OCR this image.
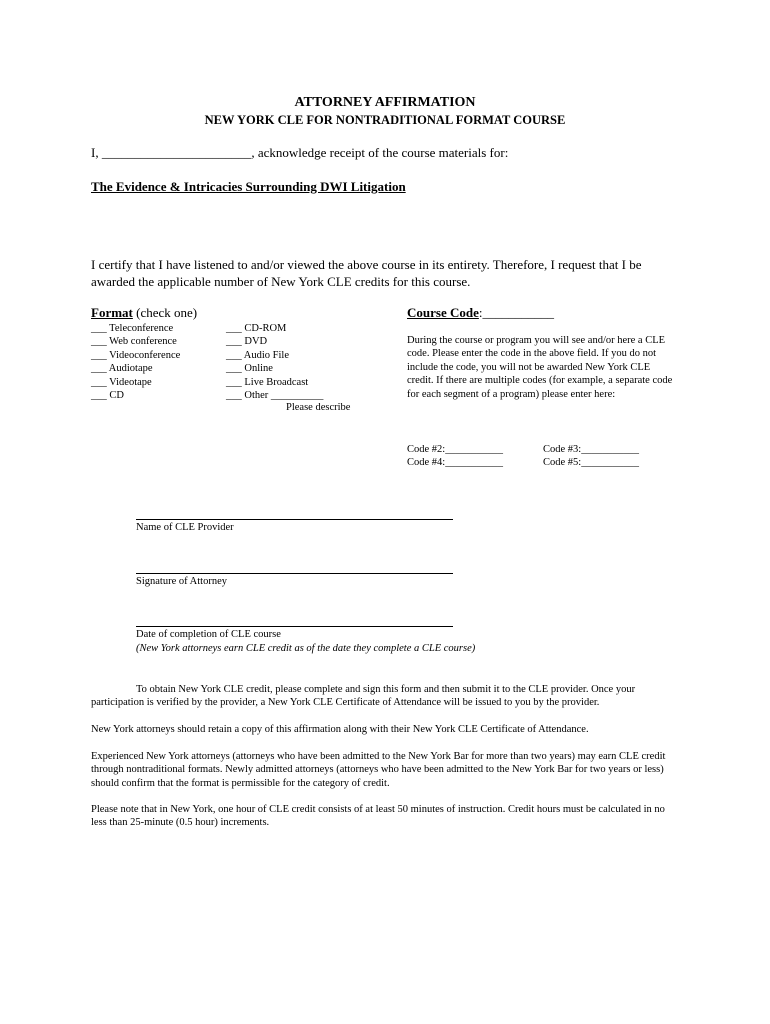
ATTORNEY AFFIRMATION
NEW YORK CLE FOR NONTRADITIONAL FORMAT COURSE
I, _______________________, acknowledge receipt of the course materials for:
The Evidence & Intricacies Surrounding DWI Litigation
I certify that I have listened to and/or viewed the above course in its entirety. Therefore, I request that I be awarded the applicable number of New York CLE credits for this course.
Format (check one)
___ Teleconference
___ Web conference
___ Videoconference
___ Audiotape
___ Videotape
___ CD
___ CD-ROM
___ DVD
___ Audio File
___ Online
___ Live Broadcast
___ Other __________
Please describe
Course Code:___________
During the course or program you will see and/or here a CLE code. Please enter the code in the above field. If you do not include the code, you will not be awarded New York CLE credit. If there are multiple codes (for example, a separate code for each segment of a program) please enter here:
Code #2:___________
Code #4:___________
Code #3:___________
Code #5:___________
Name of CLE Provider
Signature of Attorney
Date of completion of CLE course
(New York attorneys earn CLE credit as of the date they complete a CLE course)
To obtain New York CLE credit, please complete and sign this form and then submit it to the CLE provider. Once your participation is verified by the provider, a New York CLE Certificate of Attendance will be issued to you by the provider.
New York attorneys should retain a copy of this affirmation along with their New York CLE Certificate of Attendance.
Experienced New York attorneys (attorneys who have been admitted to the New York Bar for more than two years) may earn CLE credit through nontraditional formats. Newly admitted attorneys (attorneys who have been admitted to the New York Bar for two years or less) should confirm that the format is permissible for the category of credit.
Please note that in New York, one hour of CLE credit consists of at least 50 minutes of instruction. Credit hours must be calculated in no less than 25-minute (0.5 hour) increments.
